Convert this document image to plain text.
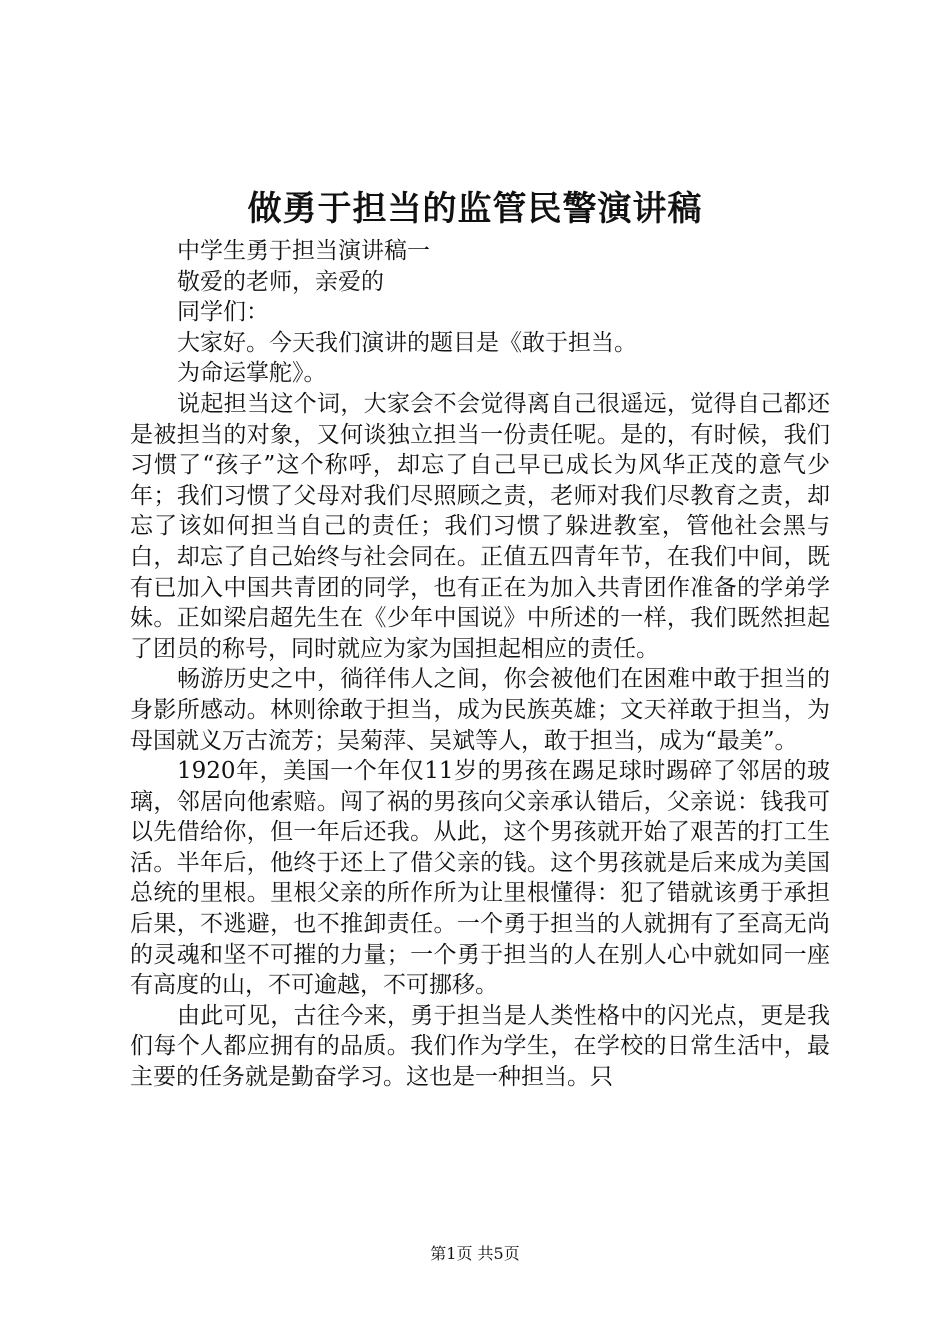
做勇于担当的监管民警演讲稿

中学生勇于担当演讲稿一

敬爱的老师，亲爱的

同学们：

大家好。今天我们演讲的题目是《敢于担当。

为命运掌舵》。

说起担当这个词，大家会不会觉得离自己很遥远，觉得自己都还是被担当的对象，又何谈独立担当一份责任呢。是的，有时候，我们习惯了“孩子”这个称呼，却忘了自己早已成长为风华正茂的意气少年；我们习惯了父母对我们尽照顾之责，老师对我们尽教育之责，却忘了该如何担当自己的责任；我们习惯了躲进教室，管他社会黑与白，却忘了自己始终与社会同在。正值五四青年节，在我们中间，既有已加入中国共青团的同学，也有正在为加入共青团作准备的学弟学妹。正如梁启超先生在《少年中国说》中所述的一样，我们既然担起了团员的称号，同时就应为家为国担起相应的责任。

畅游历史之中，徜徉伟人之间，你会被他们在困难中敢于担当的身影所感动。林则徐敢于担当，成为民族英雄；文天祥敢于担当，为母国就义万古流芳；吴菊萍、吴斌等人，敢于担当，成为“最美”。

1920年，美国一个年仅11岁的男孩在踢足球时踢碎了邻居的玻璃，邻居向他索赔。闯了祸的男孩向父亲承认错后，父亲说：钱我可以先借给你，但一年后还我。从此，这个男孩就开始了艰苦的打工生活。半年后，他终于还上了借父亲的钱。这个男孩就是后来成为美国总统的里根。里根父亲的所作所为让里根懂得：犯了错就该勇于承担后果，不逃避，也不推卸责任。一个勇于担当的人就拥有了至高无尚的灵魂和坚不可摧的力量；一个勇于担当的人在别人心中就如同一座有高度的山，不可逾越，不可挪移。

由此可见，古往今来，勇于担当是人类性格中的闪光点，更是我们每个人都应拥有的品质。我们作为学生，在学校的日常生活中，最主要的任务就是勤奋学习。这也是一种担当。只

第1页 共5页
